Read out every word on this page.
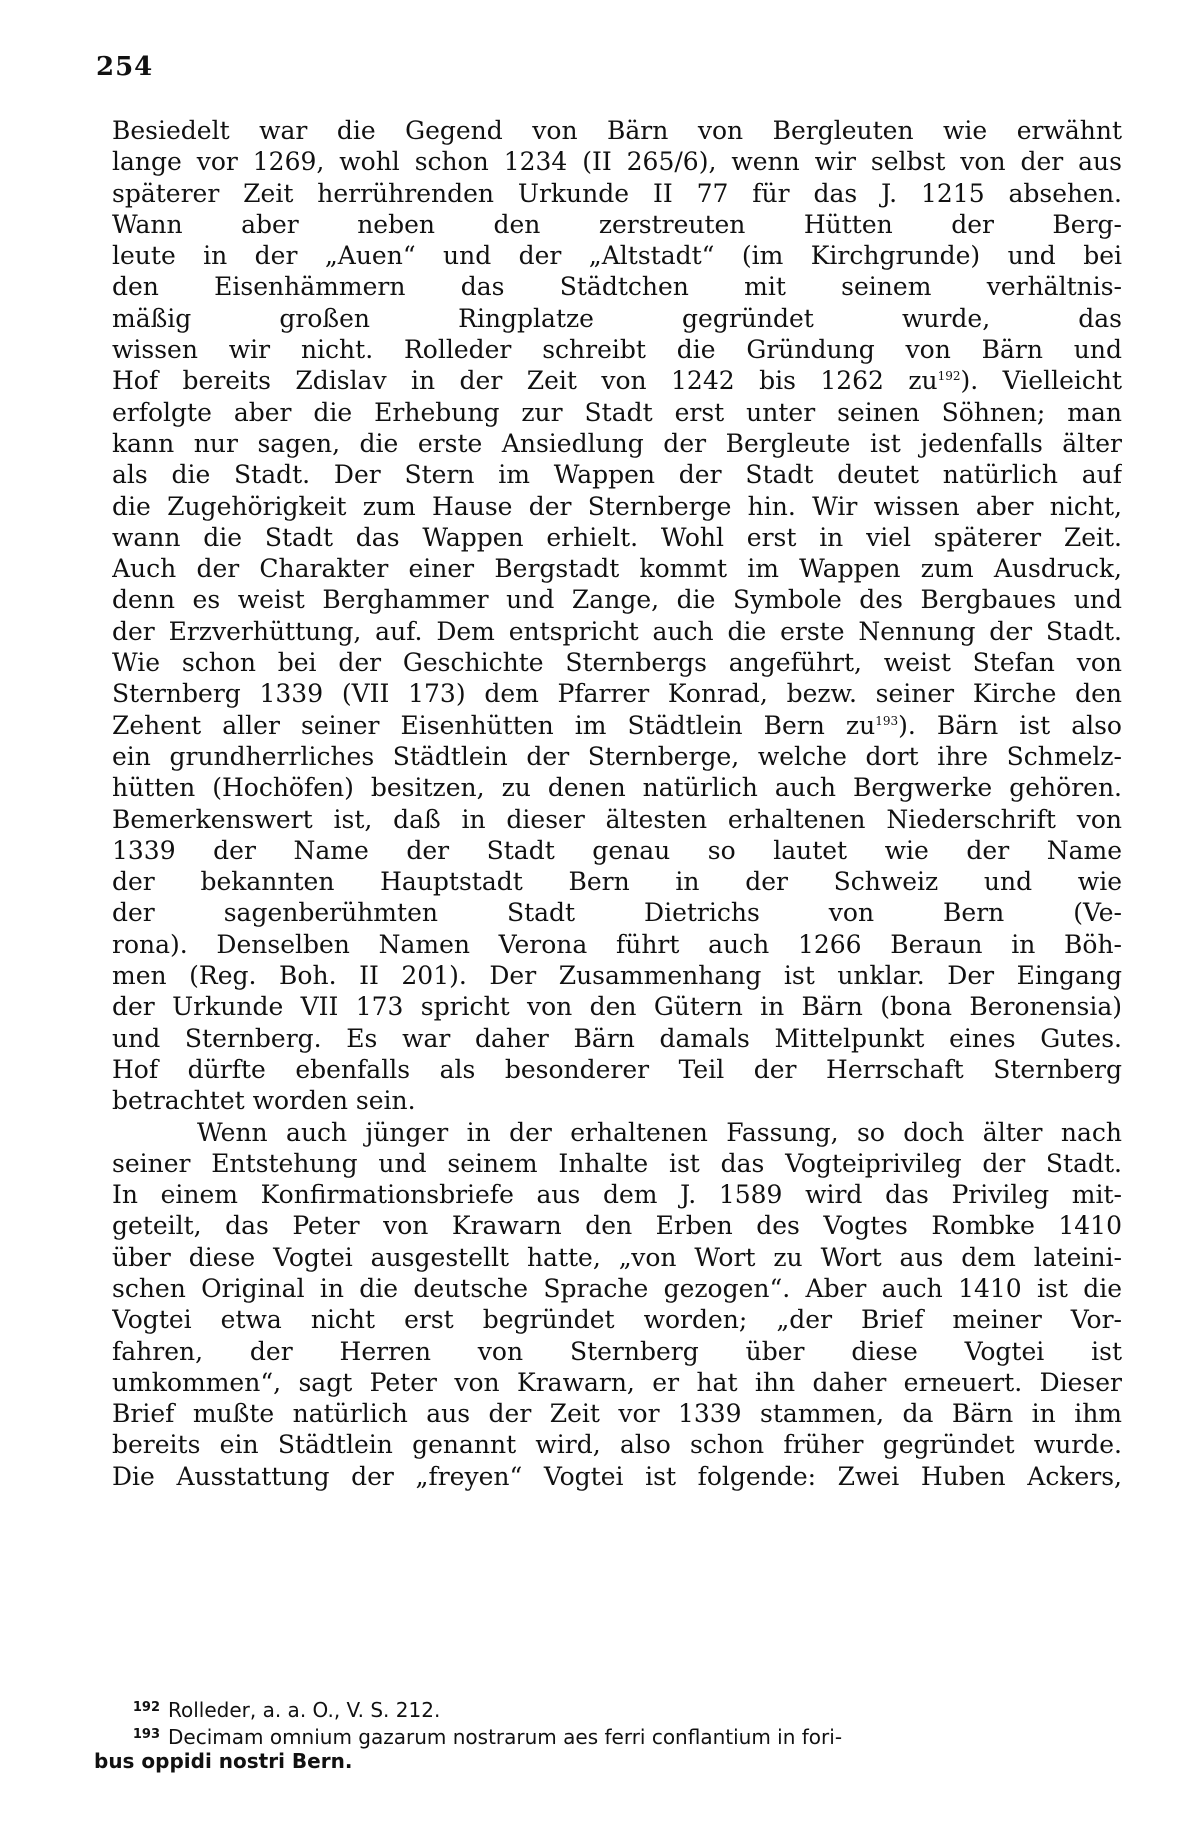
254
Besiedelt war die Gegend von Bärn von Bergleuten wie erwähnt
lange vor 1269, wohl schon 1234 (II 265/6), wenn wir selbst von der aus
späterer Zeit herrührenden Urkunde II 77 für das J. 1215 absehen.
Wann aber neben den zerstreuten Hütten der Berg-
leute in der „Auen“ und der „Altstadt“ (im Kirchgrunde) und bei
den Eisenhämmern das Städtchen mit seinem verhältnis-
mäßig großen Ringplatze gegründet wurde, das
wissen wir nicht. Rolleder schreibt die Gründung von Bärn und
Hof bereits Zdislav in der Zeit von 1242 bis 1262 zu$^{192}$). Vielleicht
erfolgte aber die Erhebung zur Stadt erst unter seinen Söhnen; man
kann nur sagen, die erste Ansiedlung der Bergleute ist jedenfalls älter
als die Stadt. Der Stern im Wappen der Stadt deutet natürlich auf
die Zugehörigkeit zum Hause der Sternberge hin. Wir wissen aber nicht,
wann die Stadt das Wappen erhielt. Wohl erst in viel späterer Zeit.
Auch der Charakter einer Bergstadt kommt im Wappen zum Ausdruck,
denn es weist Berghammer und Zange, die Symbole des Bergbaues und
der Erzverhüttung, auf. Dem entspricht auch die erste Nennung der Stadt.
Wie schon bei der Geschichte Sternbergs angeführt, weist Stefan von
Sternberg 1339 (VII 173) dem Pfarrer Konrad, bezw. seiner Kirche den
Zehent aller seiner Eisenhütten im Städtlein Bern zu$^{193}$). Bärn ist also
ein grundherrliches Städtlein der Sternberge, welche dort ihre Schmelz-
hütten (Hochöfen) besitzen, zu denen natürlich auch Bergwerke gehören.
Bemerkenswert ist, daß in dieser ältesten erhaltenen Niederschrift von
1339 der Name der Stadt genau so lautet wie der Name
der bekannten Hauptstadt Bern in der Schweiz und wie
der sagenberühmten Stadt Dietrichs von Bern (Ve-
rona). Denselben Namen Verona führt auch 1266 Beraun in Böh-
men (Reg. Boh. II 201). Der Zusammenhang ist unklar. Der Eingang
der Urkunde VII 173 spricht von den Gütern in Bärn (bona Beronensia)
und Sternberg. Es war daher Bärn damals Mittelpunkt eines Gutes.
Hof dürfte ebenfalls als besonderer Teil der Herrschaft Sternberg
betrachtet worden sein.
Wenn auch jünger in der erhaltenen Fassung, so doch älter nach
seiner Entstehung und seinem Inhalte ist das Vogteiprivileg der Stadt.
In einem Konfirmationsbriefe aus dem J. 1589 wird das Privileg mit-
geteilt, das Peter von Krawarn den Erben des Vogtes Rombke 1410
über diese Vogtei ausgestellt hatte, „von Wort zu Wort aus dem lateini-
schen Original in die deutsche Sprache gezogen“. Aber auch 1410 ist die
Vogtei etwa nicht erst begründet worden; „der Brief meiner Vor-
fahren, der Herren von Sternberg über diese Vogtei ist
umkommen“, sagt Peter von Krawarn, er hat ihn daher erneuert. Dieser
Brief mußte natürlich aus der Zeit vor 1339 stammen, da Bärn in ihm
bereits ein Städtlein genannt wird, also schon früher gegründet wurde.
Die Ausstattung der „freyen“ Vogtei ist folgende: Zwei Huben Ackers,
192 Rolleder, a. a. O., V. S. 212.
193 Decimam omnium gazarum nostrarum aes ferri conflantium in fori-
bus oppidi nostri Bern.
